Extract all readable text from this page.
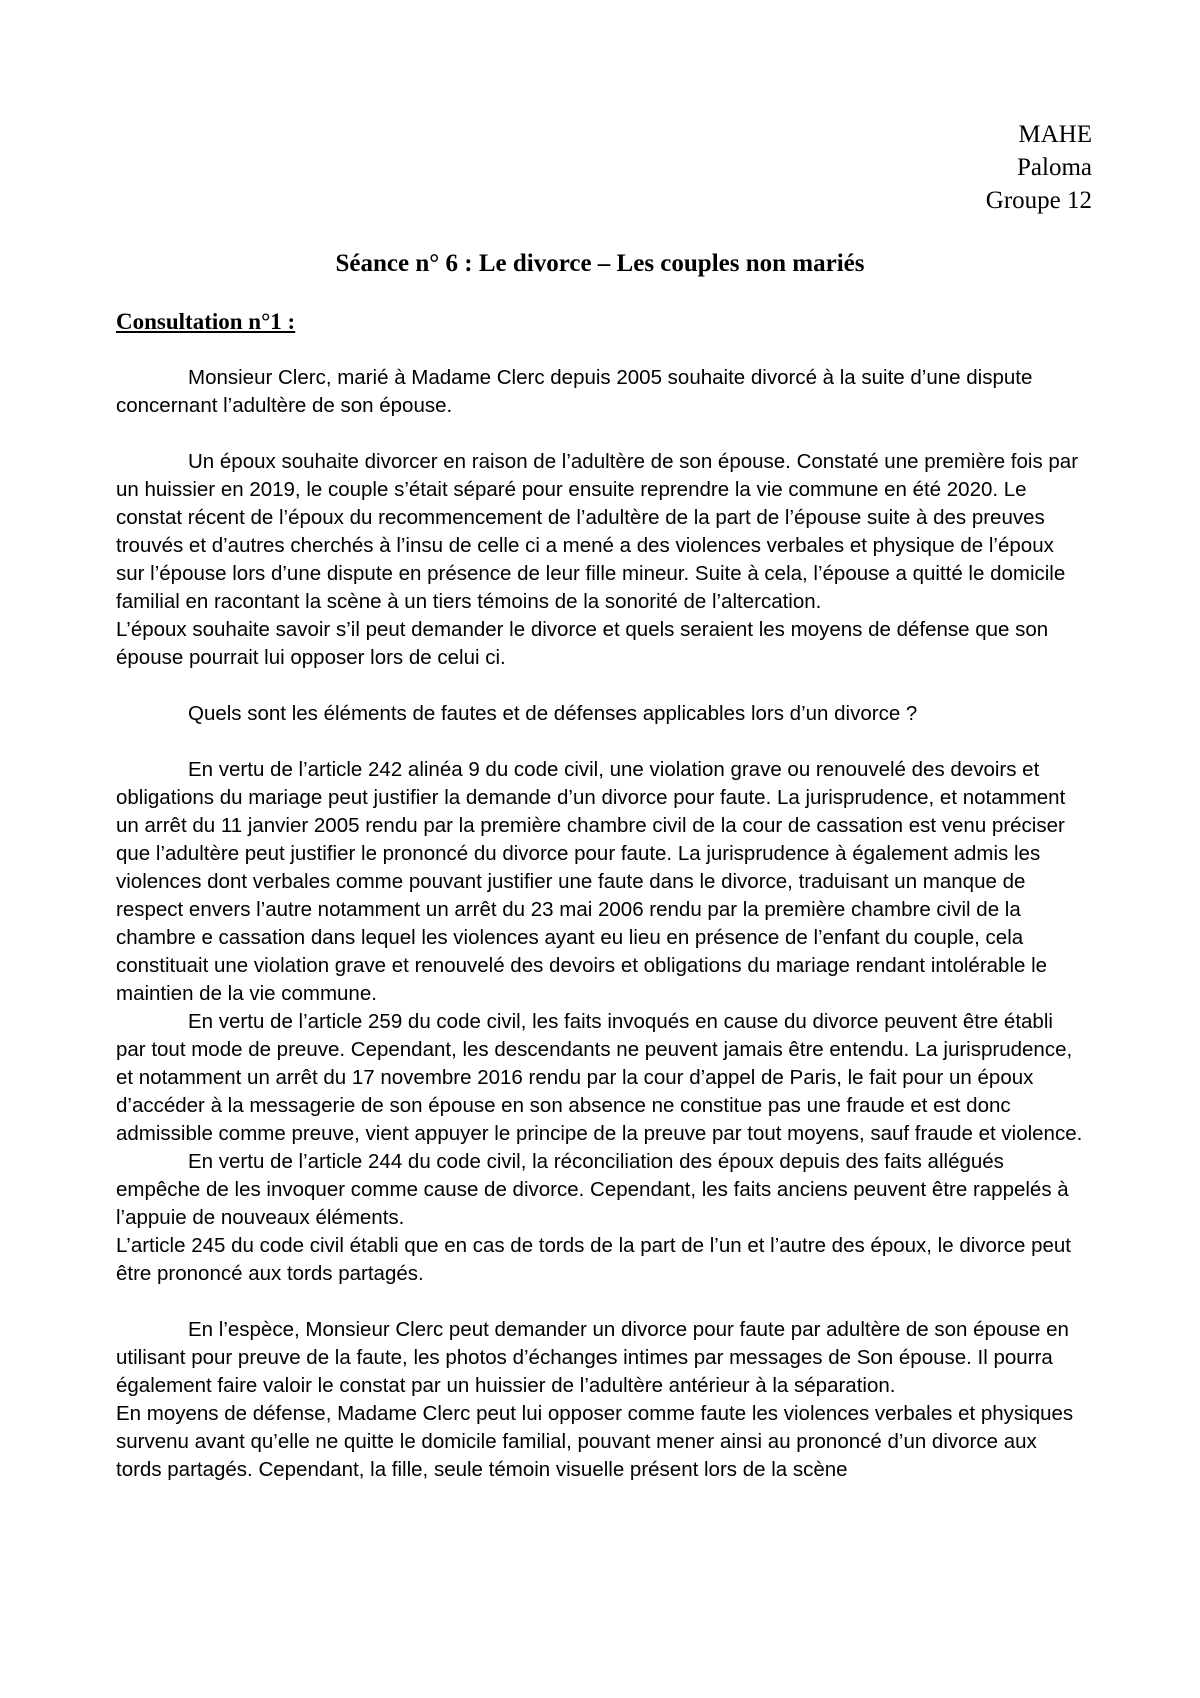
MAHE
Paloma
Groupe 12
Séance n° 6 : Le divorce – Les couples non mariés
Consultation n°1 :

Monsieur Clerc, marié à Madame Clerc depuis 2005 souhaite divorcé à la suite d’une dispute concernant l’adultère de son épouse.

Un époux souhaite divorcer en raison de l’adultère de son épouse. Constaté une première fois par un huissier en 2019, le couple s’était séparé pour ensuite reprendre la vie commune en été 2020. Le constat récent de l’époux du recommencement de l’adultère de la part de l’épouse suite à des preuves trouvés et d’autres cherchés à l’insu de celle ci a mené a des violences verbales et physique de l’époux sur l’épouse lors d’une dispute en présence de leur fille mineur. Suite à cela, l’épouse a quitté le domicile familial en racontant la scène à un tiers témoins de la sonorité de l’altercation.

L’époux souhaite savoir s’il peut demander le divorce et quels seraient les moyens de défense que son épouse pourrait lui opposer lors de celui ci.

Quels sont les éléments de fautes et de défenses applicables lors d’un divorce ?

En vertu de l’article 242 alinéa 9 du code civil, une violation grave ou renouvelé des devoirs et obligations du mariage peut justifier la demande d’un divorce pour faute. La jurisprudence, et notamment un arrêt du 11 janvier 2005 rendu par la première chambre civil de la cour de cassation est venu préciser que l’adultère peut justifier le prononcé du divorce pour faute. La jurisprudence à également admis les violences dont verbales comme pouvant justifier une faute dans le divorce, traduisant un manque de respect envers l’autre notamment un arrêt du 23 mai 2006 rendu par la première chambre civil de la chambre e cassation dans lequel les violences ayant eu lieu en présence de l’enfant du couple, cela constituait une violation grave et renouvelé des devoirs et obligations du mariage rendant intolérable le maintien de la vie commune.

En vertu de l’article 259 du code civil, les faits invoqués en cause du divorce peuvent être établi par tout mode de preuve. Cependant, les descendants ne peuvent jamais être entendu. La jurisprudence, et notamment un arrêt du 17 novembre 2016 rendu par la cour d’appel de Paris, le fait pour un époux d’accéder à la messagerie de son épouse en son absence ne constitue pas une fraude et est donc admissible comme preuve, vient appuyer le principe de la preuve par tout moyens, sauf fraude et violence.

En vertu de l’article 244 du code civil, la réconciliation des époux depuis des faits allégués empêche de les invoquer comme cause de divorce. Cependant, les faits anciens peuvent être rappelés à l’appuie de nouveaux éléments.

L’article 245 du code civil établi que en cas de tords de la part de l’un et l’autre des époux, le divorce peut être prononcé aux tords partagés.

En l’espèce, Monsieur Clerc peut demander un divorce pour faute par adultère de son épouse en utilisant pour preuve de la faute, les photos d’échanges intimes par messages de Son épouse. Il pourra également faire valoir le constat par un huissier de l’adultère antérieur à la séparation.

En moyens de défense, Madame Clerc peut lui opposer comme faute les violences verbales et physiques survenu avant qu’elle ne quitte le domicile familial, pouvant mener ainsi au prononcé d’un divorce aux tords partagés. Cependant, la fille, seule témoin visuelle présent lors de la scène
